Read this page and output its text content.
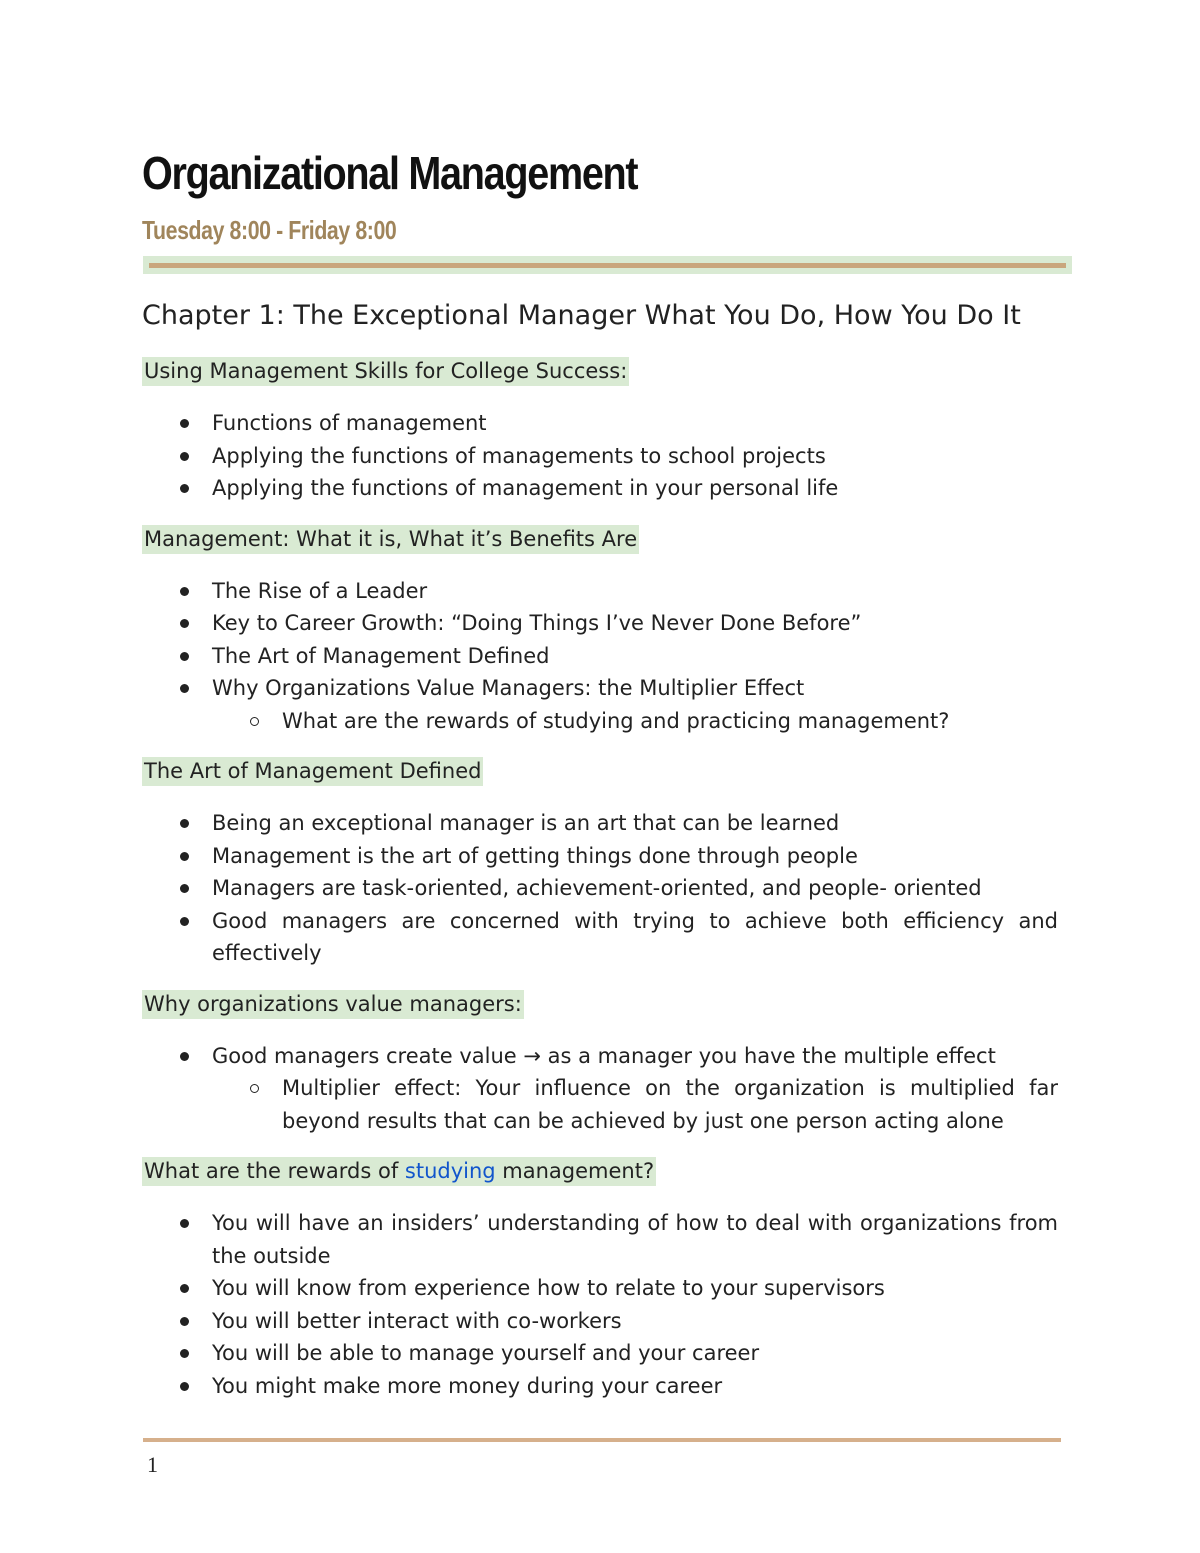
Organizational Management
Tuesday 8:00 - Friday 8:00
Chapter 1: The Exceptional Manager What You Do, How You Do It

Using Management Skills for College Success:

Functions of management
Applying the functions of managements to school projects
Applying the functions of management in your personal life

Management: What it is, What it’s Benefits Are

The Rise of a Leader
Key to Career Growth: “Doing Things I’ve Never Done Before”
The Art of Management Defined
Why Organizations Value Managers: the Multiplier Effect
What are the rewards of studying and practicing management?

The Art of Management Defined

Being an exceptional manager is an art that can be learned
Management is the art of getting things done through people
Managers are task-oriented, achievement-oriented, and people- oriented
Good managers are concerned with trying to achieve both efficiency and effectively

Why organizations value managers:

Good managers create value → as a manager you have the multiple effect
Multiplier effect: Your influence on the organization is multiplied far beyond results that can be achieved by just one person acting alone

What are the rewards of studying management?

You will have an insiders’ understanding of how to deal with organizations from the outside
You will know from experience how to relate to your supervisors
You will better interact with co-workers
You will be able to manage yourself and your career
You might make more money during your career
1
